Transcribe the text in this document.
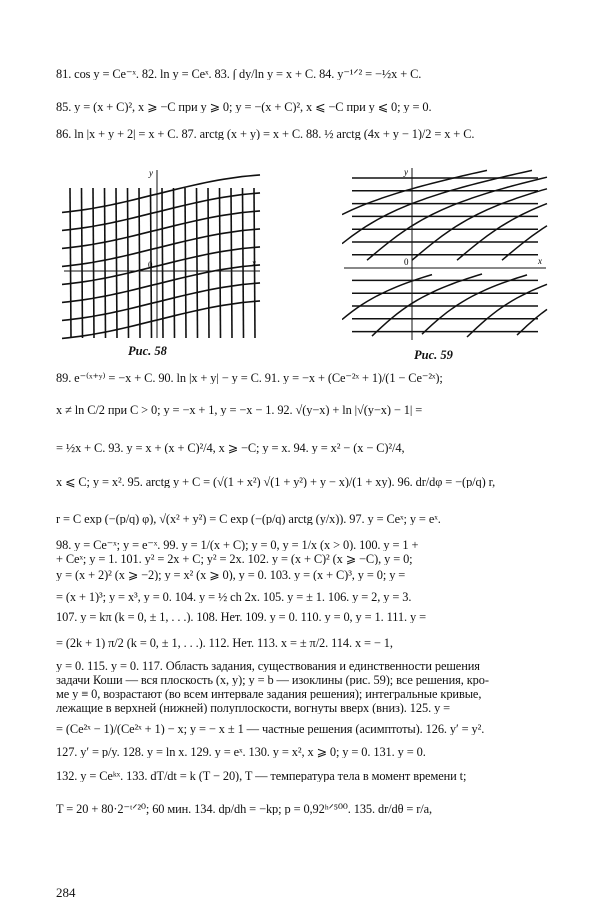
81. cos y = Ce⁻ˣ. 82. ln y = Ceˣ. 83. ∫ dy/ln y = x + C. 84. y⁻¹ᐟ² = −½x + C.
85. y = (x + C)², x ⩾ −C при y ⩾ 0; y = −(x + C)², x ⩽ −C при y ⩽ 0; y = 0.
86. ln |x + y + 2| = x + C. 87. arctg (x + y) = x + C. 88. ½ arctg (4x + y − 1)/2 = x + C.
y
x
0
Рис. 58
y
x
0
Рис. 59
89. e⁻⁽ˣ⁺ʸ⁾ = −x + C. 90. ln |x + y| − y = C. 91. y = −x + (Ce⁻²ˣ + 1)/(1 − Ce⁻²ˣ);
x ≠ ln C/2 при C > 0; y = −x + 1, y = −x − 1. 92. √(y−x) + ln |√(y−x) − 1| =
= ½x + C. 93. y = x + (x + C)²/4, x ⩾ −C; y = x. 94. y = x² − (x − C)²/4,
x ⩽ C; y = x². 95. arctg y + C = (√(1 + x²) √(1 + y²) + y − x)/(1 + xy). 96. dr/dφ = −(p/q) r,
r = C exp (−(p/q) φ), √(x² + y²) = C exp (−(p/q) arctg (y/x)). 97. y = Ceˣ; y = eˣ.
98. y = Ce⁻ˣ; y = e⁻ˣ. 99. y = 1/(x + C); y = 0, y = 1/x (x > 0). 100. y = 1 +
+ Ceˣ; y = 1. 101. y² = 2x + C; y² = 2x. 102. y = (x + C)² (x ⩾ −C), y = 0;
y = (x + 2)² (x ⩾ −2); y = x² (x ⩾ 0), y = 0. 103. y = (x + C)³, y = 0; y =
= (x + 1)³; y = x³, y = 0. 104. y = ½ ch 2x. 105. y = ± 1. 106. y = 2, y = 3.
107. y = kπ (k = 0, ± 1, . . .). 108. Нет. 109. y = 0. 110. y = 0, y = 1. 111. y =
= (2k + 1) π/2 (k = 0, ± 1, . . .). 112. Нет. 113. x = ± π/2. 114. x = − 1,
y = 0. 115. y = 0. 117. Область задания, существования и единственности решения
задачи Коши — вся плоскость (x, y); y = b — изоклины (рис. 59); все решения, кро-
ме y ≡ 0, возрастают (во всем интервале задания решения); интегральные кривые,
лежащие в верхней (нижней) полуплоскости, вогнуты вверх (вниз). 125. y =
= (Ce²ˣ − 1)/(Ce²ˣ + 1) − x; y = − x ± 1 — частные решения (асимптоты). 126. y′ = y².
127. y′ = p/y. 128. y = ln x. 129. y = eˣ. 130. y = x², x ⩾ 0; y = 0. 131. y = 0.
132. y = Ceᵏˣ. 133. dT/dt = k (T − 20), T — температура тела в момент времени t;
T = 20 + 80·2⁻ᵗᐟ²⁰; 60 мин. 134. dp/dh = −kp; p = 0,92ʰᐟ⁵⁰⁰. 135. dr/dθ = r/a,
284
